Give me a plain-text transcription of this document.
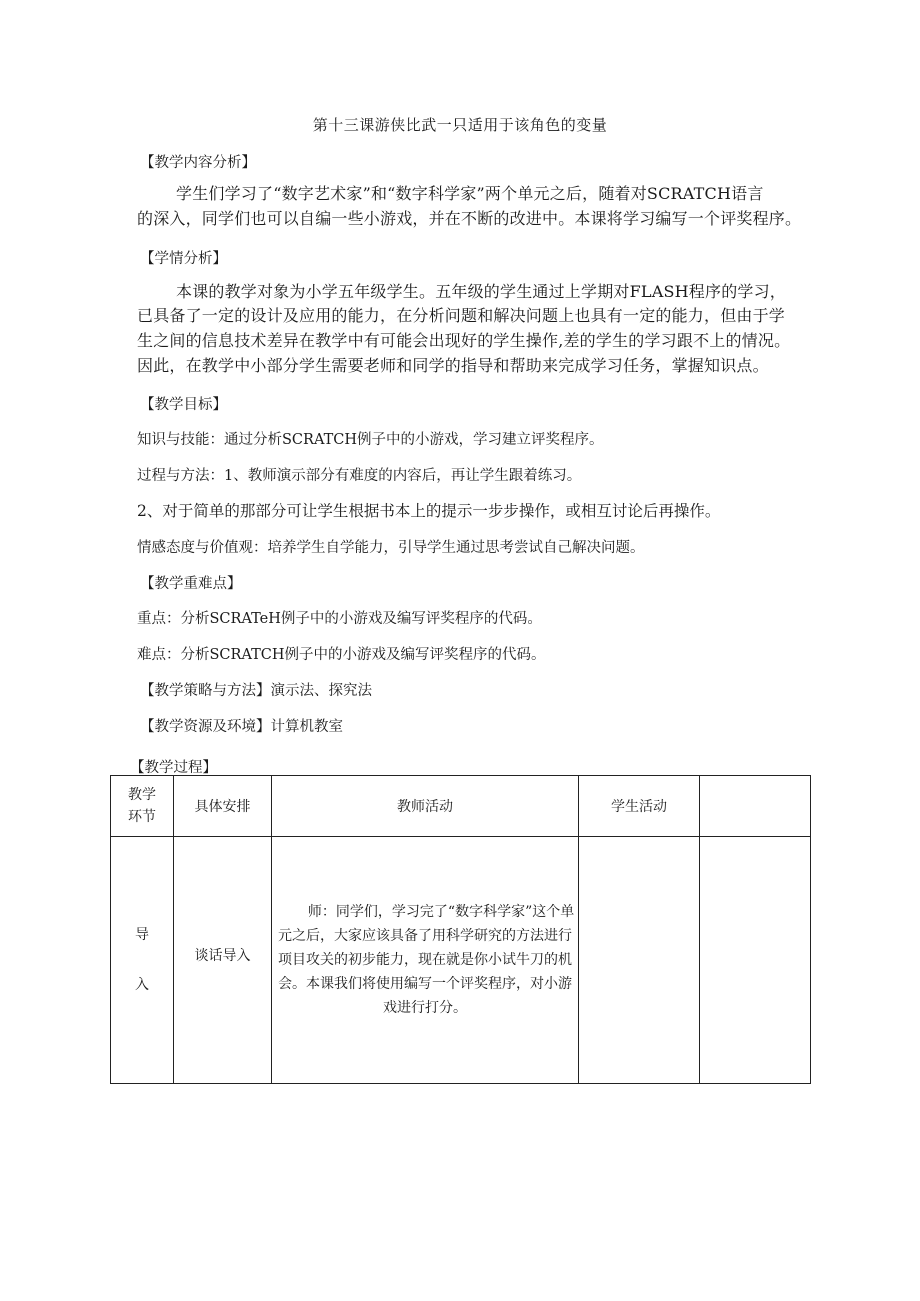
第十三课游侠比武一只适用于该角色的变量
【教学内容分析】
学生们学习了“数字艺术家”和“数字科学家”两个单元之后，随着对SCRATCH语言
的深入，同学们也可以自编一些小游戏，并在不断的改进中。本课将学习编写一个评奖程序。
【学情分析】
本课的教学对象为小学五年级学生。五年级的学生通过上学期对FLASH程序的学习，
已具备了一定的设计及应用的能力，在分析问题和解决问题上也具有一定的能力，但由于学
生之间的信息技术差异在教学中有可能会出现好的学生操作,差的学生的学习跟不上的情况。
因此，在教学中小部分学生需要老师和同学的指导和帮助来完成学习任务，掌握知识点。
【教学目标】
知识与技能：通过分析SCRATCH例子中的小游戏，学习建立评奖程序。
过程与方法：1、教师演示部分有难度的内容后，再让学生跟着练习。
2、对于简单的那部分可让学生根据书本上的提示一步步操作，或相互讨论后再操作。
情感态度与价值观：培养学生自学能力，引导学生通过思考尝试自己解决问题。
【教学重难点】
重点：分析SCRATeH例子中的小游戏及编写评奖程序的代码。
难点：分析SCRATCH例子中的小游戏及编写评奖程序的代码。
【教学策略与方法】演示法、探究法
【教学资源及环境】计算机教室
【教学过程】
教学
环节	具体安排	教师活动	学生活动	

导
入	谈话导入	师：同学们，学习完了“数字科学家”这个单元之后，大家应该具备了用科学研究的方法进行项目攻关的初步能力，现在就是你小试牛刀的机会。本课我们将使用编写一个评奖程序，对小游戏进行打分。		
